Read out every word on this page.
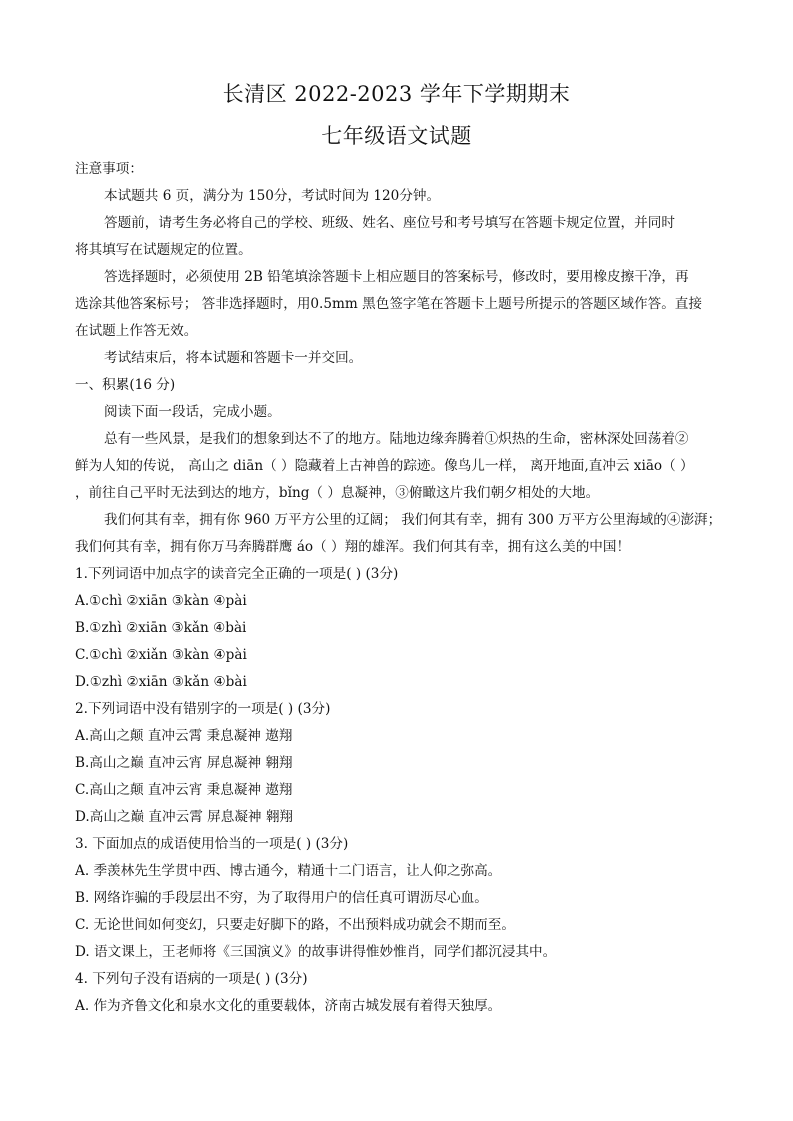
长清区 2022-2023 学年下学期期末
七年级语文试题
注意事项：
本试题共 6 页，满分为 150分，考试时间为 120分钟。
答题前，请考生务必将自己的学校、班级、姓名、座位号和考号填写在答题卡规定位置，并同时
将其填写在试题规定的位置。
答选择题时，必须使用 2B 铅笔填涂答题卡上相应题目的答案标号，修改时，要用橡皮擦干净，再
选涂其他答案标号； 答非选择题时，用0.5mm 黑色签字笔在答题卡上题号所提示的答题区域作答。直接
在试题上作答无效。
考试结束后，将本试题和答题卡一并交回。
一、积累(16 分)
阅读下面一段话，完成小题。
总有一些风景，是我们的想象到达不了的地方。陆地边缘奔腾着①炽热的生命，密林深处回荡着②
鲜为人知的传说， 高山之 diān（ ）隐藏着上古神兽的踪迹。像鸟儿一样， 离开地面,直冲云 xiāo（ ）
，前往自己平时无法到达的地方，bǐng（ ）息凝神，③俯瞰这片我们朝夕相处的大地。
我们何其有幸，拥有你 960 万平方公里的辽阔； 我们何其有幸，拥有 300 万平方公里海域的④澎湃；
我们何其有幸，拥有你万马奔腾群鹰 áo（ ）翔的雄浑。我们何其有幸，拥有这么美的中国！
1.下列词语中加点字的读音完全正确的一项是( ) (3分)
A.①chì ②xiān ③kàn ④pài
B.①zhì ②xiān ③kǎn ④bài
C.①chì ②xiǎn ③kàn ④pài
D.①zhì ②xiān ③kǎn ④bài
2.下列词语中没有错别字的一项是( ) (3分)
A.高山之颠 直冲云霄 秉息凝神 遨翔
B.高山之巅 直冲云宵 屏息凝神 翱翔
C.高山之颠 直冲云宵 秉息凝神 遨翔
D.高山之巅 直冲云霄 屏息凝神 翱翔
3. 下面加点的成语使用恰当的一项是( ) (3分)
A. 季羡林先生学贯中西、博古通今，精通十二门语言，让人仰之弥高。
B. 网络诈骗的手段层出不穷，为了取得用户的信任真可谓沥尽心血。
C. 无论世间如何变幻，只要走好脚下的路，不出预料成功就会不期而至。
D. 语文课上，王老师将《三国演义》的故事讲得惟妙惟肖，同学们都沉浸其中。
4. 下列句子没有语病的一项是( ) (3分)
A. 作为齐鲁文化和泉水文化的重要载体，济南古城发展有着得天独厚。
